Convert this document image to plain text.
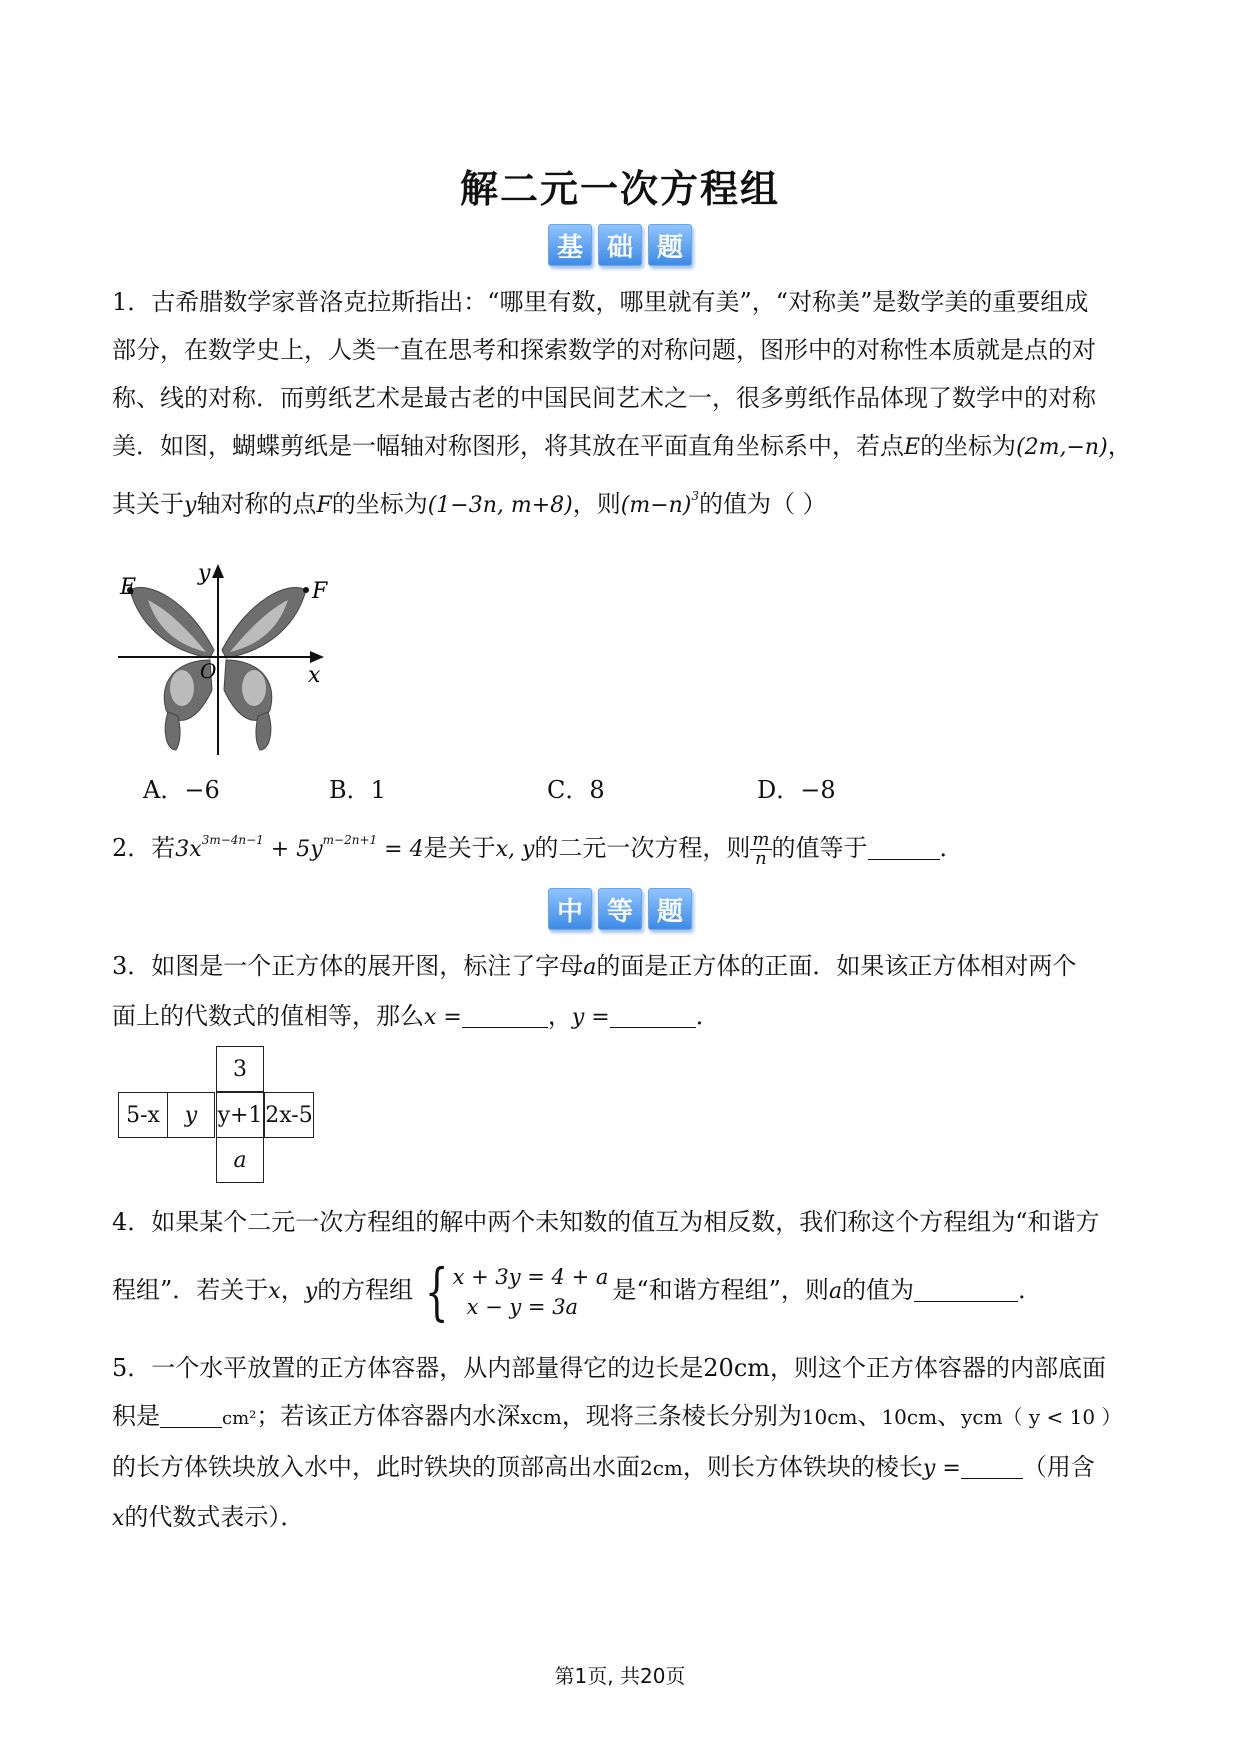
解二元一次方程组
基 础 题
1．古希腊数学家普洛克拉斯指出：“哪里有数，哪里就有美”，“对称美”是数学美的重要组成
部分，在数学史上，人类一直在思考和探索数学的对称问题，图形中的对称性本质就是点的对
称、线的对称．而剪纸艺术是最古老的中国民间艺术之一，很多剪纸作品体现了数学中的对称
美．如图，蝴蝶剪纸是一幅轴对称图形，将其放在平面直角坐标系中，若点E的坐标为(2m,−n)，
其关于y轴对称的点F的坐标为(1−3n, m+8)，则$(m-n)^3$的值为（ ）
E	F
y
x
O
A．−6	B．1	C．8	D．−8
2．若$3x^{3m-4n-1} + 5y^{m-2n+1} = 4$是关于x, y的二元一次方程，则 $\frac{m}{n}$ 的值等于	．
中 等 题
3．如图是一个正方体的展开图，标注了字母a的面是正方体的正面．如果该正方体相对两个
面上的代数式的值相等，那么x =	，y =	．
3
5-x	y y+1 2x-5
a
4．如果某个二元一次方程组的解中两个未知数的值互为相反数，我们称这个方程组为“和谐方
程组”．若关于x，y的方程组 { x + 3y = 4 + a
x − y = 3a
是“和谐方程组”，则a的值为	．
5．一个水平放置的正方体容器，从内部量得它的边长是20cm，则这个正方体容器的内部底面
积是	cm²；若该正方体容器内水深xcm，现将三条棱长分别为10cm、10cm、ycm（ y < 10 ）
的长方体铁块放入水中，此时铁块的顶部高出水面2cm，则长方体铁块的棱长y =	（用含
x的代数式表示）．
第1页, 共20页
